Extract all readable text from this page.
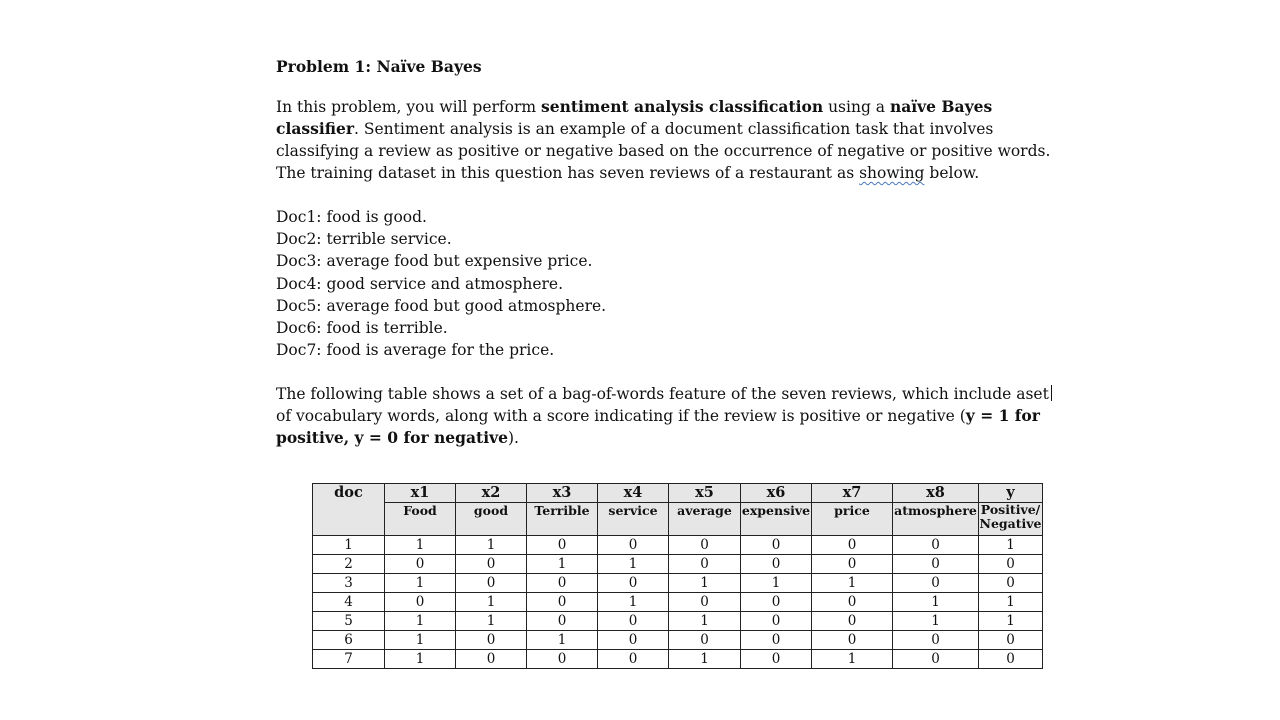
Problem 1: Naïve Bayes

In this problem, you will perform sentiment analysis classification using a naïve Bayes classifier. Sentiment analysis is an example of a document classification task that involves classifying a review as positive or negative based on the occurrence of negative or positive words. The training dataset in this question has seven reviews of a restaurant as showing below.

Doc1: food is good.
Doc2: terrible service.
Doc3: average food but expensive price.
Doc4: good service and atmosphere.
Doc5: average food but good atmosphere.
Doc6: food is terrible.
Doc7: food is average for the price.

The following table shows a set of a bag-of-words feature of the seven reviews, which include aset of vocabulary words, along with a score indicating if the review is positive or negative (y = 1 for positive, y = 0 for negative).

doc	x1	x2	x3	x4	x5	x6	x7	x8	y
	Food	good	Terrible	service	average	expensive	price	atmosphere	Positive/
Negative

1	1	1	0	0	0	0	0	0	1
2	0	0	1	1	0	0	0	0	0
3	1	0	0	0	1	1	1	0	0
4	0	1	0	1	0	0	0	1	1
5	1	1	0	0	1	0	0	1	1
6	1	0	1	0	0	0	0	0	0
7	1	0	0	0	1	0	1	0	0
